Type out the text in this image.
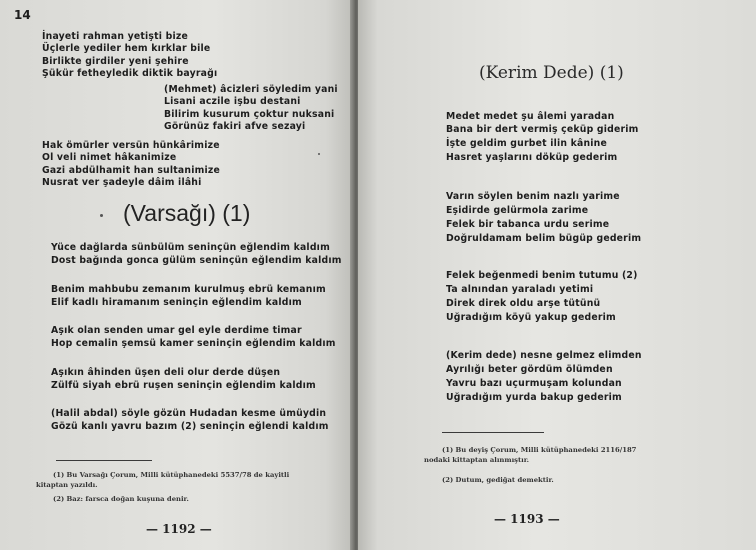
14
İnayeti rahman yetişti bize
Üçlerle yediler hem kırklar bile
Birlikte girdiler yeni şehire
Şükür fetheyledik diktik bayrağı
(Mehmet) âcizleri söyledim yani
Lisani aczile işbu destani
Bilirim kusurum çoktur nuksani
Görünüz fakiri afve sezayi
Hak ömürler versün hünkârimize
Ol veli nimet hâkanimize
Gazi abdülhamit han sultanimize
Nusrat ver şadeyle dâim ilâhi
(Varsağı) (1)
Yüce dağlarda sünbülüm seninçün eğlendim kaldım
Dost bağında gonca gülüm seninçün eğlendim kaldım
Benim mahbubu zemanım kurulmuş ebrü kemanım
Elif kadlı hiramanım seninçin eğlendim kaldım
Aşık olan senden umar gel eyle derdime timar
Hop cemalin şemsü kamer seninçin eğlendim kaldım
Aşıkın âhinden üşen deli olur derde düşen
Zülfü siyah ebrü ruşen seninçin eğlendim kaldım
(Halil abdal) söyle gözün Hudadan kesme ümüydin
Gözü kanlı yavru bazım (2) seninçin eğlendi kaldım
(1) Bu Varsağı Çorum, Milli kütüphanedeki 5537/78 de kayitli
kitaptan yazıldı.
(2) Baz: farsca doğan kuşuna denir.
— 1192 —
(Kerim Dede) (1)
Medet medet şu âlemi yaradan
Bana bir dert vermiş çeküp giderim
İşte geldim gurbet ilin kânine
Hasret yaşlarını döküp gederim
Varın söylen benim nazlı yarime
Eşidirde gelürmola zarime
Felek bir tabanca urdu serime
Doğruldamam belim bügüp gederim
Felek beğenmedi benim tutumu (2)
Ta alnından yaraladı yetimi
Direk direk oldu arşe tütünü
Uğradığım köyü yakup gederim
(Kerim dede) nesne gelmez elimden
Ayrılığı beter gördüm ölümden
Yavru bazı uçurmuşam kolundan
Uğradığım yurda bakup gederim
(1) Bu deyiş Çorum, Milli kütüphanedeki 2116/187
nodaki kittaptan alınmıştır.
(2) Dutum, gediğat demektir.
— 1193 —
